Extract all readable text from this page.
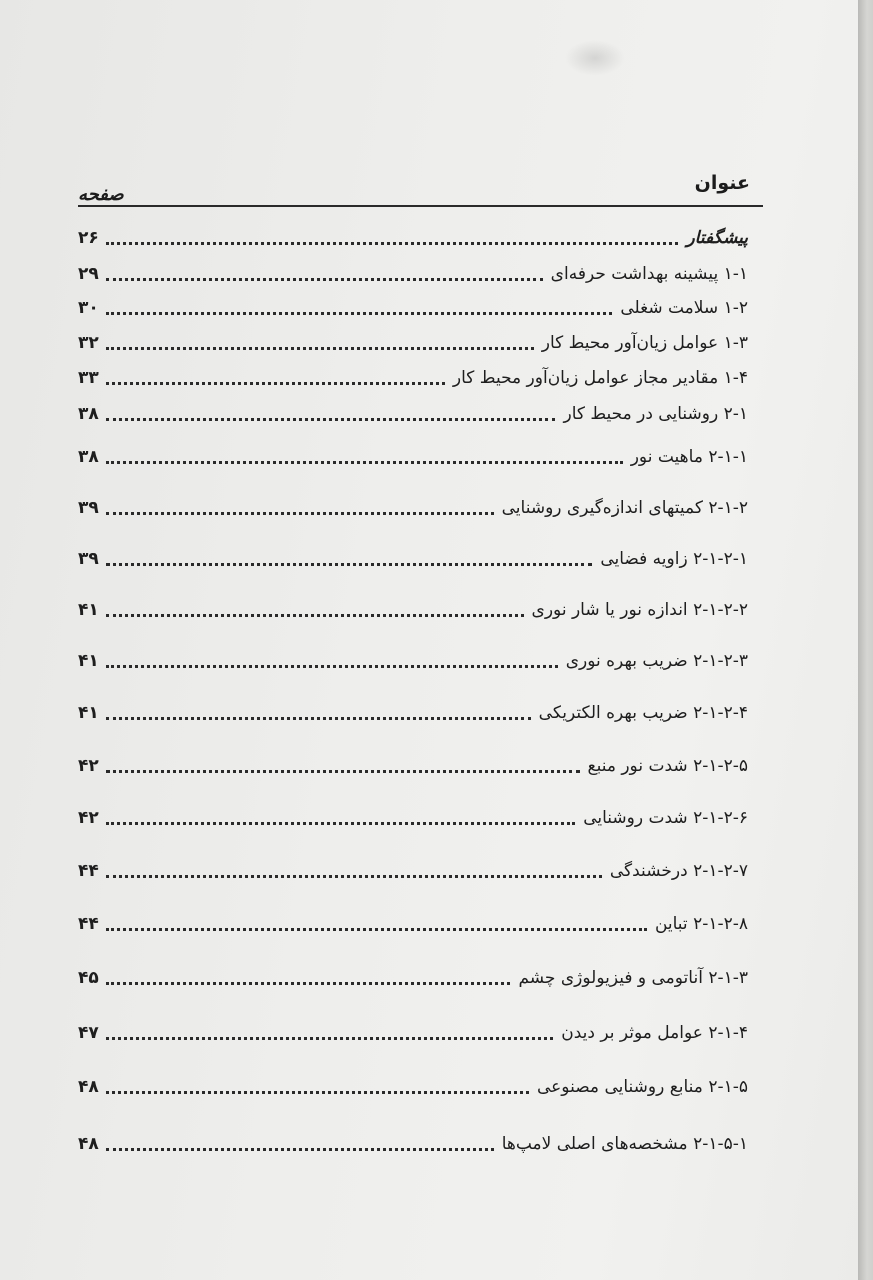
عنوان
صفحه
پیشگفتار
۲۶
۱-۱ پیشینه بهداشت حرفه‌ای
۲۹
۱-۲ سلامت شغلی
۳۰
۱-۳ عوامل زیان‌آور محیط کار
۳۲
۱-۴ مقادیر مجاز عوامل زیان‌آور محیط کار
۳۳
۲-۱ روشنایی در محیط کار
۳۸
۲-۱-۱ ماهیت نور
۳۸
۲-۱-۲ کمیتهای اندازه‌گیری روشنایی
۳۹
۲-۱-۲-۱ زاویه فضایی
۳۹
۲-۱-۲-۲ اندازه نور یا شار نوری
۴۱
۲-۱-۲-۳ ضریب بهره نوری
۴۱
۲-۱-۲-۴ ضریب بهره الکتریکی
۴۱
۲-۱-۲-۵ شدت نور منبع
۴۲
۲-۱-۲-۶ شدت روشنایی
۴۲
۲-۱-۲-۷ درخشندگی
۴۴
۲-۱-۲-۸ تباین
۴۴
۲-۱-۳ آناتومی و فیزیولوژی چشم
۴۵
۲-۱-۴ عوامل موثر بر دیدن
۴۷
۲-۱-۵ منابع روشنایی مصنوعی
۴۸
۲-۱-۵-۱ مشخصه‌های اصلی لامپ‌ها
۴۸
